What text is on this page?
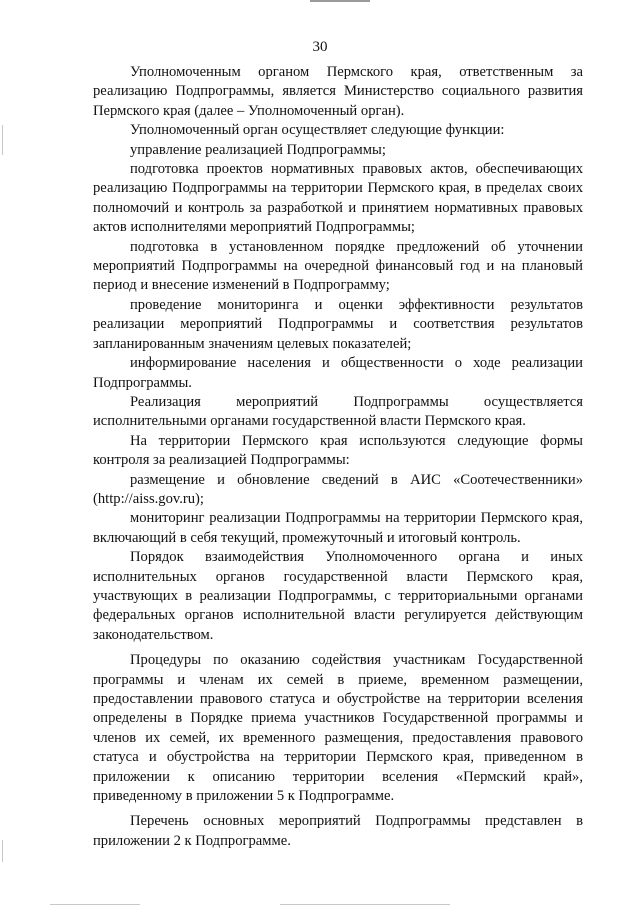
30

Уполномоченным органом Пермского края, ответственным за реализацию Подпрограммы, является Министерство социального развития Пермского края (далее – Уполномоченный орган).

Уполномоченный орган осуществляет следующие функции:

управление реализацией Подпрограммы;

подготовка проектов нормативных правовых актов, обеспечивающих реализацию Подпрограммы на территории Пермского края, в пределах своих полномочий и контроль за разработкой и принятием нормативных правовых актов исполнителями мероприятий Подпрограммы;

подготовка в установленном порядке предложений об уточнении мероприятий Подпрограммы на очередной финансовый год и на плановый период и внесение изменений в Подпрограмму;

проведение мониторинга и оценки эффективности результатов реализации мероприятий Подпрограммы и соответствия результатов запланированным значениям целевых показателей;

информирование населения и общественности о ходе реализации Подпрограммы.

Реализация мероприятий Подпрограммы осуществляется исполнительными органами государственной власти Пермского края.

На территории Пермского края используются следующие формы контроля за реализацией Подпрограммы:

размещение и обновление сведений в АИС «Соотечественники» (http://aiss.gov.ru);

мониторинг реализации Подпрограммы на территории Пермского края, включающий в себя текущий, промежуточный и итоговый контроль.

Порядок взаимодействия Уполномоченного органа и иных исполнительных органов государственной власти Пермского края, участвующих в реализации Подпрограммы, с территориальными органами федеральных органов исполнительной власти регулируется действующим законодательством.

Процедуры по оказанию содействия участникам Государственной программы и членам их семей в приеме, временном размещении, предоставлении правового статуса и обустройстве на территории вселения определены в Порядке приема участников Государственной программы и членов их семей, их временного размещения, предоставления правового статуса и обустройства на территории Пермского края, приведенном в приложении к описанию территории вселения «Пермский край», приведенному в приложении 5 к Подпрограмме.

Перечень основных мероприятий Подпрограммы представлен в приложении 2 к Подпрограмме.
